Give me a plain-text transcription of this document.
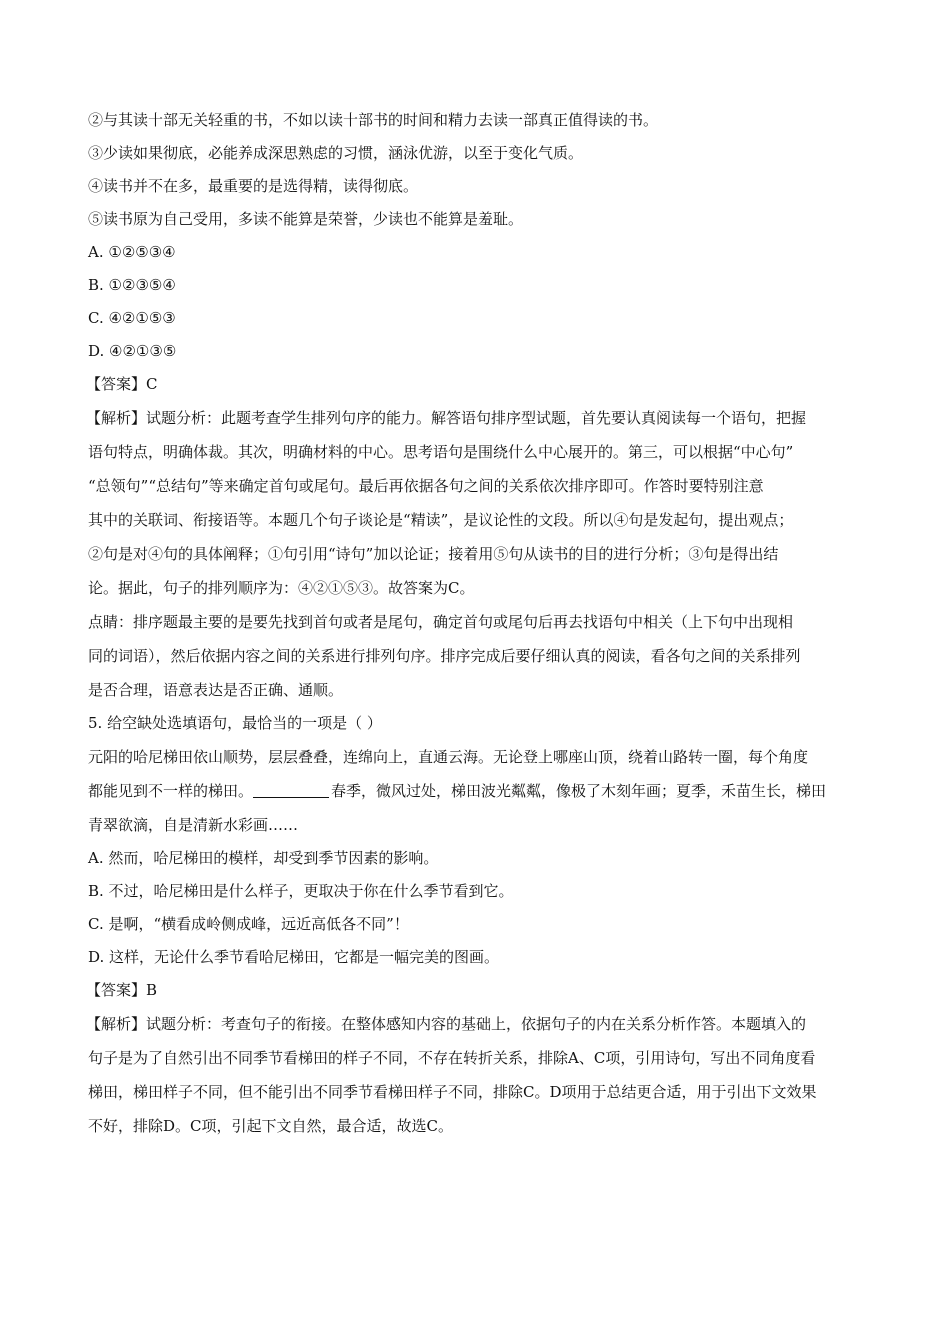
②与其读十部无关轻重的书，不如以读十部书的时间和精力去读一部真正值得读的书。
③少读如果彻底，必能养成深思熟虑的习惯，涵泳优游，以至于变化气质。
④读书并不在多，最重要的是选得精，读得彻底。
⑤读书原为自己受用，多读不能算是荣誉，少读也不能算是羞耻。
A. ①②⑤③④
B. ①②③⑤④
C. ④②①⑤③
D. ④②①③⑤
【答案】C
【解析】试题分析：此题考查学生排列句序的能力。解答语句排序型试题，首先要认真阅读每一个语句，把握
语句特点，明确体裁。其次，明确材料的中心。思考语句是围绕什么中心展开的。第三，可以根据“中心句”
“总领句”“总结句”等来确定首句或尾句。最后再依据各句之间的关系依次排序即可。作答时要特别注意
其中的关联词、衔接语等。本题几个句子谈论是“精读”，是议论性的文段。所以④句是发起句，提出观点；
②句是对④句的具体阐释；①句引用“诗句”加以论证；接着用⑤句从读书的目的进行分析；③句是得出结
论。据此，句子的排列顺序为：④②①⑤③。故答案为C。
点睛：排序题最主要的是要先找到首句或者是尾句，确定首句或尾句后再去找语句中相关（上下句中出现相
同的词语），然后依据内容之间的关系进行排列句序。排序完成后要仔细认真的阅读，看各句之间的关系排列
是否合理，语意表达是否正确、通顺。
5. 给空缺处选填语句，最恰当的一项是（ ）
元阳的哈尼梯田依山顺势，层层叠叠，连绵向上，直通云海。无论登上哪座山顶，绕着山路转一圈，每个角度
都能见到不一样的梯田。	春季，微风过处，梯田波光粼粼，像极了木刻年画；夏季，禾苗生长，梯田
青翠欲滴，自是清新水彩画……
A. 然而，哈尼梯田的模样，却受到季节因素的影响。
B. 不过，哈尼梯田是什么样子，更取决于你在什么季节看到它。
C. 是啊，“横看成岭侧成峰，远近高低各不同”！
D. 这样，无论什么季节看哈尼梯田，它都是一幅完美的图画。
【答案】B
【解析】试题分析：考查句子的衔接。在整体感知内容的基础上，依据句子的内在关系分析作答。本题填入的
句子是为了自然引出不同季节看梯田的样子不同，不存在转折关系，排除A、C项，引用诗句，写出不同角度看
梯田，梯田样子不同，但不能引出不同季节看梯田样子不同，排除C。D项用于总结更合适，用于引出下文效果
不好，排除D。C项，引起下文自然，最合适，故选C。
